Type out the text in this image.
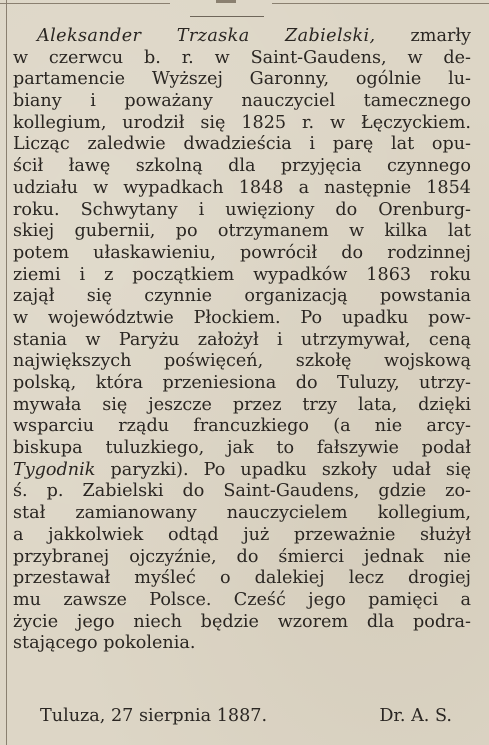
Aleksander Trzaska Zabielski, zmarły
w czerwcu b. r. w Saint-Gaudens, w de-
partamencie Wyższej Garonny, ogólnie lu-
biany i poważany nauczyciel tamecznego
kollegium, urodził się 1825 r. w Łęczyckiem.
Licząc zaledwie dwadzieścia i parę lat opu-
ścił ławę szkolną dla przyjęcia czynnego
udziału w wypadkach 1848 a następnie 1854
roku. Schwytany i uwięziony do Orenburg-
skiej gubernii, po otrzymanem w kilka lat
potem ułaskawieniu, powrócił do rodzinnej
ziemi i z początkiem wypadków 1863 roku
zajął się czynnie organizacją powstania
w województwie Płockiem. Po upadku pow-
stania w Paryżu założył i utrzymywał, ceną
największych poświęceń, szkołę wojskową
polską, która przeniesiona do Tuluzy, utrzy-
mywała się jeszcze przez trzy lata, dzięki
wsparciu rządu francuzkiego (a nie arcy-
biskupa tuluzkiego, jak to fałszywie podał
Tygodnik paryzki). Po upadku szkoły udał się
ś. p. Zabielski do Saint-Gaudens, gdzie zo-
stał zamianowany nauczycielem kollegium,
a jakkolwiek odtąd już przeważnie służył
przybranej ojczyźnie, do śmierci jednak nie
przestawał myśleć o dalekiej lecz drogiej
mu zawsze Polsce. Cześć jego pamięci a
życie jego niech będzie wzorem dla podra-
stającego pokolenia.
Tuluza, 27 sierpnia 1887.	Dr. A. S.
